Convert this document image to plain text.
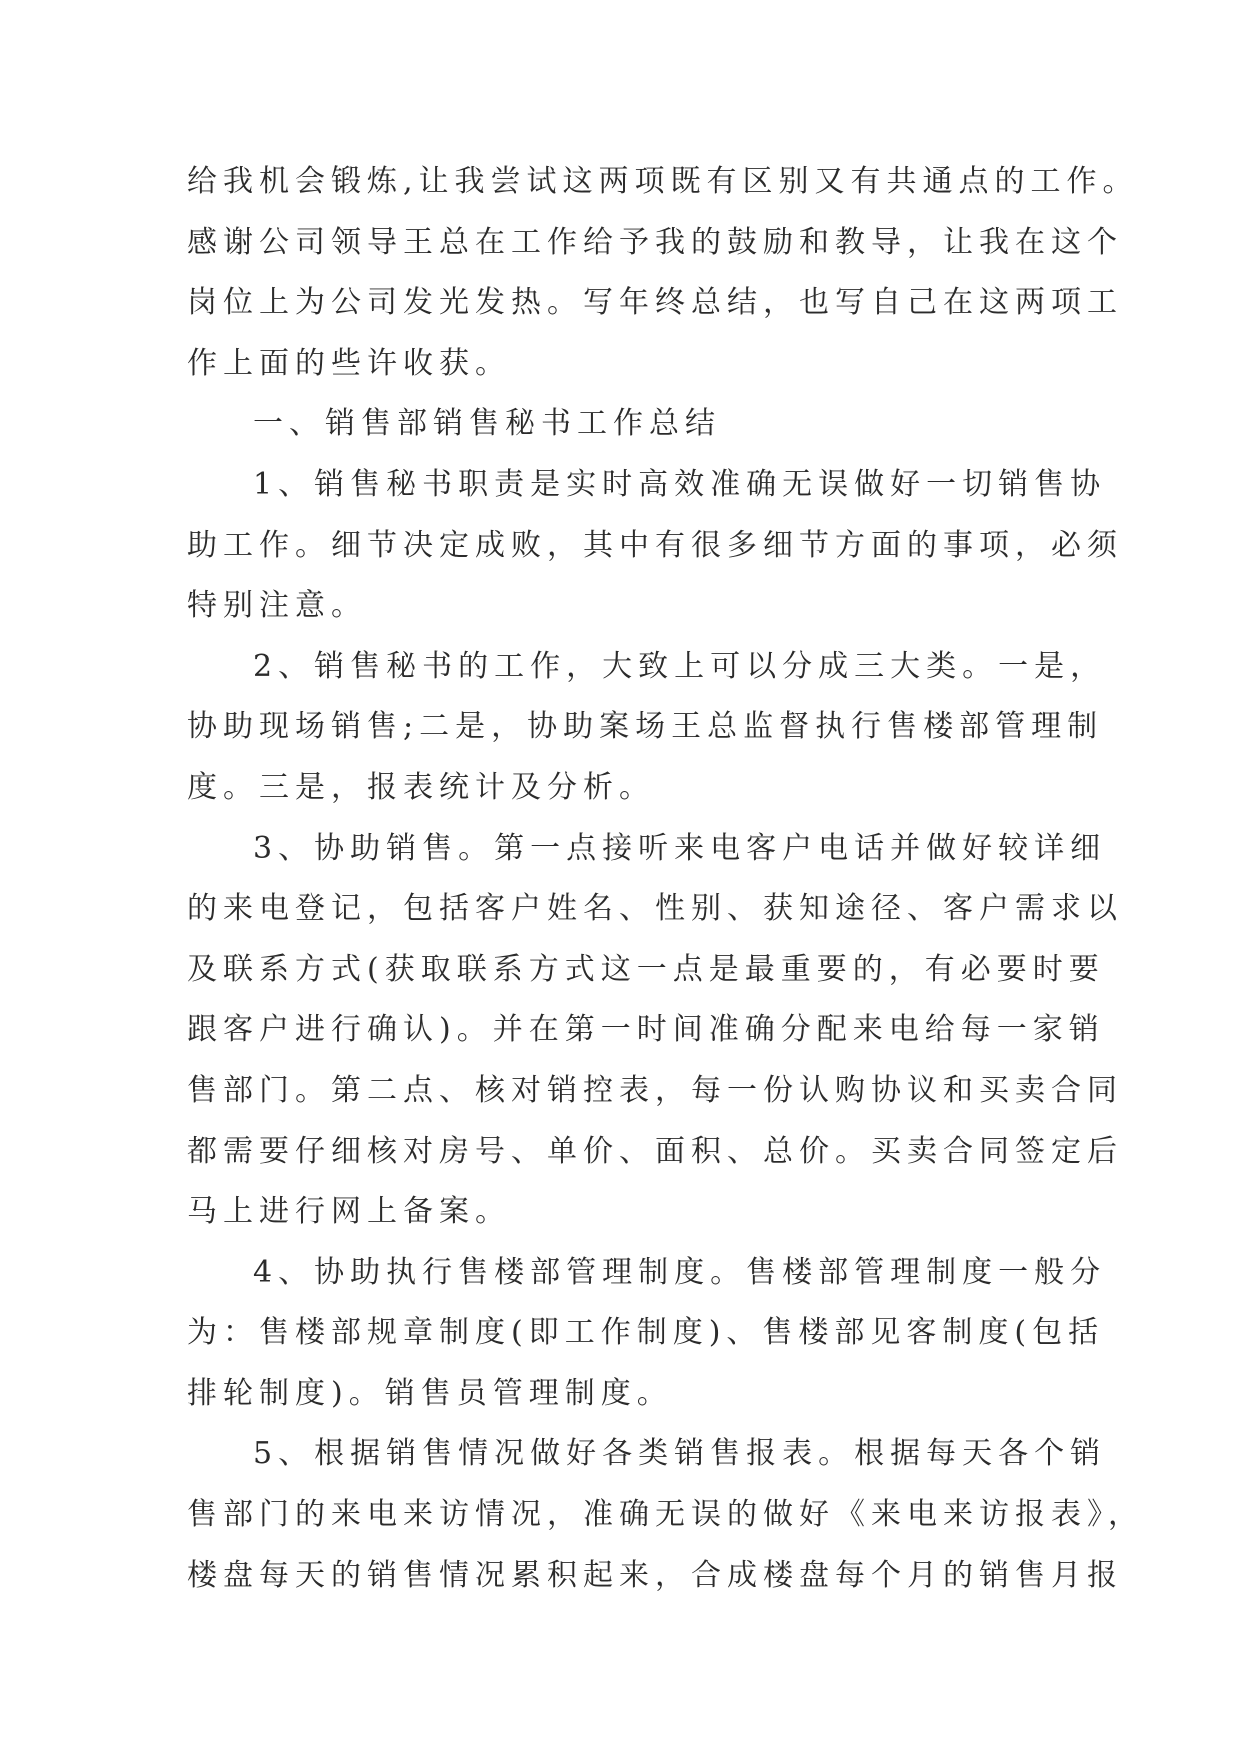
给我机会锻炼,让我尝试这两项既有区别又有共通点的工作。
感谢公司领导王总在工作给予我的鼓励和教导，让我在这个
岗位上为公司发光发热。写年终总结，也写自己在这两项工
作上面的些许收获。
一、销售部销售秘书工作总结
1、销售秘书职责是实时高效准确无误做好一切销售协
助工作。细节决定成败，其中有很多细节方面的事项，必须
特别注意。
2、销售秘书的工作，大致上可以分成三大类。一是，
协助现场销售;二是，协助案场王总监督执行售楼部管理制
度。三是，报表统计及分析。
3、协助销售。第一点接听来电客户电话并做好较详细
的来电登记，包括客户姓名、性别、获知途径、客户需求以
及联系方式(获取联系方式这一点是最重要的，有必要时要
跟客户进行确认)。并在第一时间准确分配来电给每一家销
售部门。第二点、核对销控表，每一份认购协议和买卖合同
都需要仔细核对房号、单价、面积、总价。买卖合同签定后
马上进行网上备案。
4、协助执行售楼部管理制度。售楼部管理制度一般分
为：售楼部规章制度(即工作制度)、售楼部见客制度(包括
排轮制度)。销售员管理制度。
5、根据销售情况做好各类销售报表。根据每天各个销
售部门的来电来访情况，准确无误的做好《来电来访报表》，
楼盘每天的销售情况累积起来，合成楼盘每个月的销售月报
